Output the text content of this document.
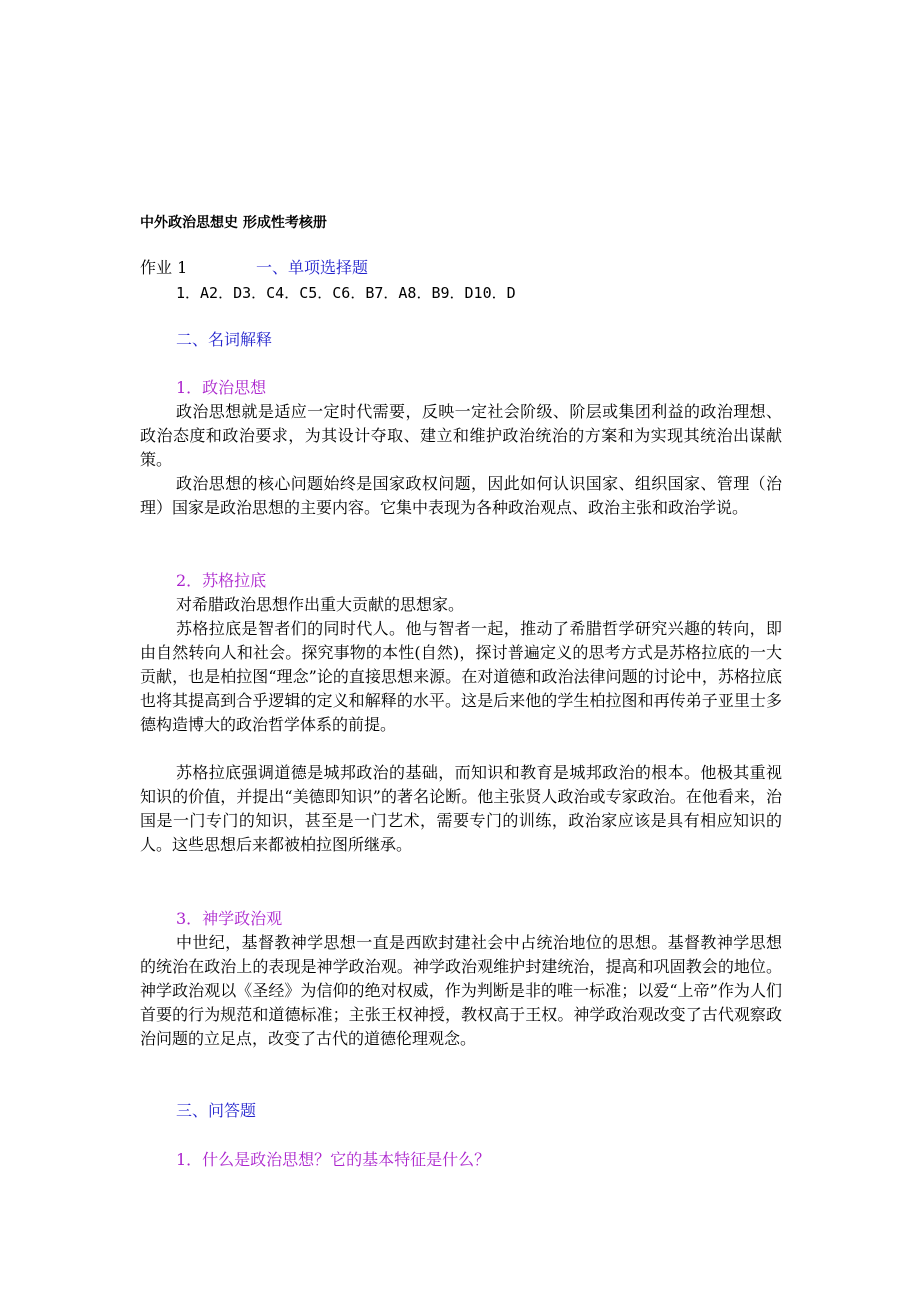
中外政治思想史 形成性考核册
作业 1	一、单项选择题
1．A2．D3．C4．C5．C6．B7．A8．B9．D10．D
二、名词解释
1．政治思想

政治思想就是适应一定时代需要，反映一定社会阶级、阶层或集团利益的政治理想、政治态度和政治要求，为其设计夺取、建立和维护政治统治的方案和为实现其统治出谋献策。

政治思想的核心问题始终是国家政权问题，因此如何认识国家、组织国家、管理（治理）国家是政治思想的主要内容。它集中表现为各种政治观点、政治主张和政治学说。

2．苏格拉底

对希腊政治思想作出重大贡献的思想家。

苏格拉底是智者们的同时代人。他与智者一起，推动了希腊哲学研究兴趣的转向，即由自然转向人和社会。探究事物的本性(自然)，探讨普遍定义的思考方式是苏格拉底的一大贡献，也是柏拉图“理念”论的直接思想来源。在对道德和政治法律问题的讨论中，苏格拉底也将其提高到合乎逻辑的定义和解释的水平。这是后来他的学生柏拉图和再传弟子亚里士多德构造博大的政治哲学体系的前提。

苏格拉底强调道德是城邦政治的基础，而知识和教育是城邦政治的根本。他极其重视知识的价值，并提出“美德即知识”的著名论断。他主张贤人政治或专家政治。在他看来，治国是一门专门的知识，甚至是一门艺术，需要专门的训练，政治家应该是具有相应知识的人。这些思想后来都被柏拉图所继承。

3．神学政治观

中世纪，基督教神学思想一直是西欧封建社会中占统治地位的思想。基督教神学思想的统治在政治上的表现是神学政治观。神学政治观维护封建统治，提高和巩固教会的地位。神学政治观以《圣经》为信仰的绝对权威，作为判断是非的唯一标准；以爱“上帝”作为人们首要的行为规范和道德标准；主张王权神授，教权高于王权。神学政治观改变了古代观察政治问题的立足点，改变了古代的道德伦理观念。

三、问答题
1．什么是政治思想？它的基本特征是什么？
